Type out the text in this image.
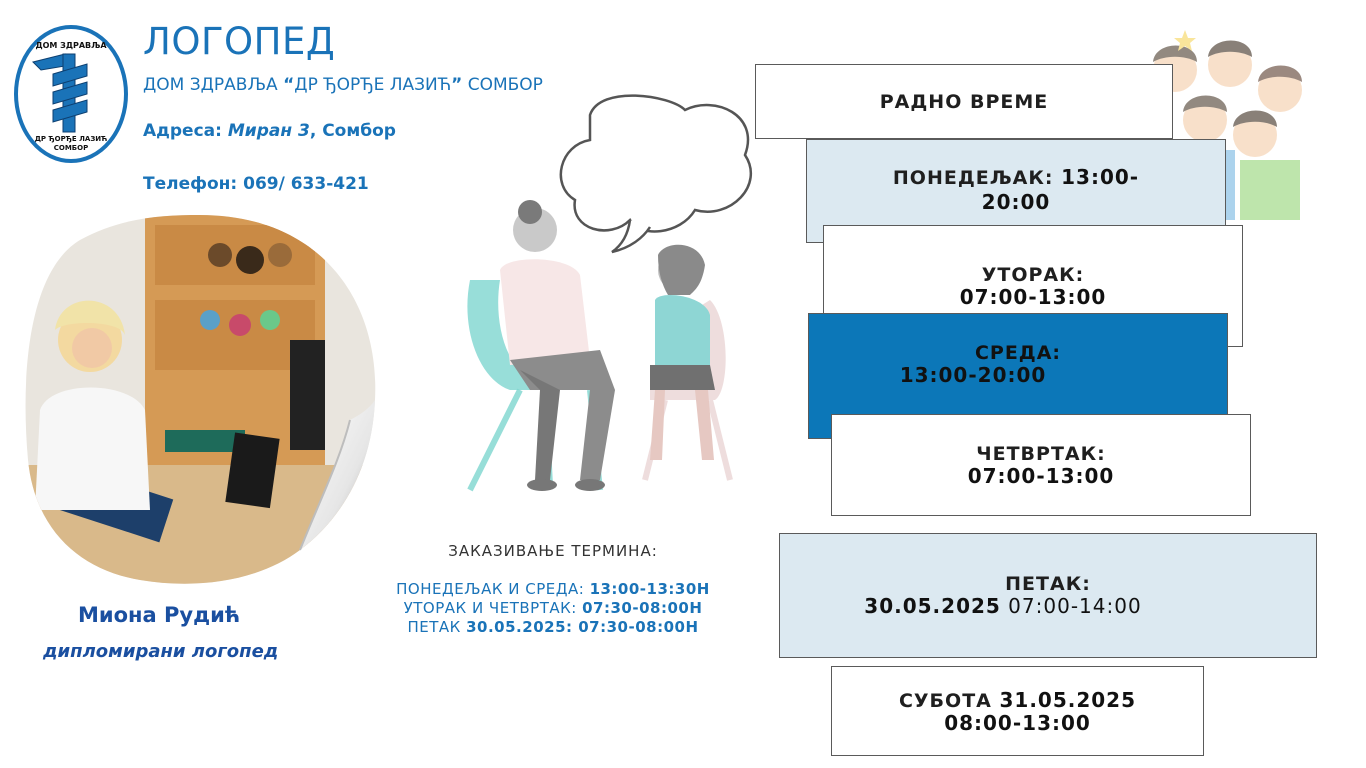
ДОМ ЗДРАВЉА
ДР ЂОРЂЕ ЛАЗИЋ
СОМБОР
ЛОГОПЕД
ДОМ ЗДРАВЉА “ДР ЂОРЂЕ ЛАЗИЋ” СОМБОР
Адреса: Миран 3, Сомбор
Телефон: 069/ 633-421
Миона Рудић
дипломирани логопед
РАДНО ВРЕМЕ
ПОНЕДЕЉАК: 13:00-20:00
УТОРАК:
07:00-13:00
СРЕДА:
13:00-20:00
ЧЕТВРТАК:
07:00-13:00
ПЕТАК:
30.05.2025 07:00-14:00
СУБОТА 31.05.2025
08:00-13:00
ЗАКАЗИВАЊЕ ТЕРМИНА:
ПОНЕДЕЉАК И СРЕДА: 13:00-13:30Н
УТОРАК И ЧЕТВРТАК: 07:30-08:00Н
ПЕТАК 30.05.2025: 07:30-08:00Н
